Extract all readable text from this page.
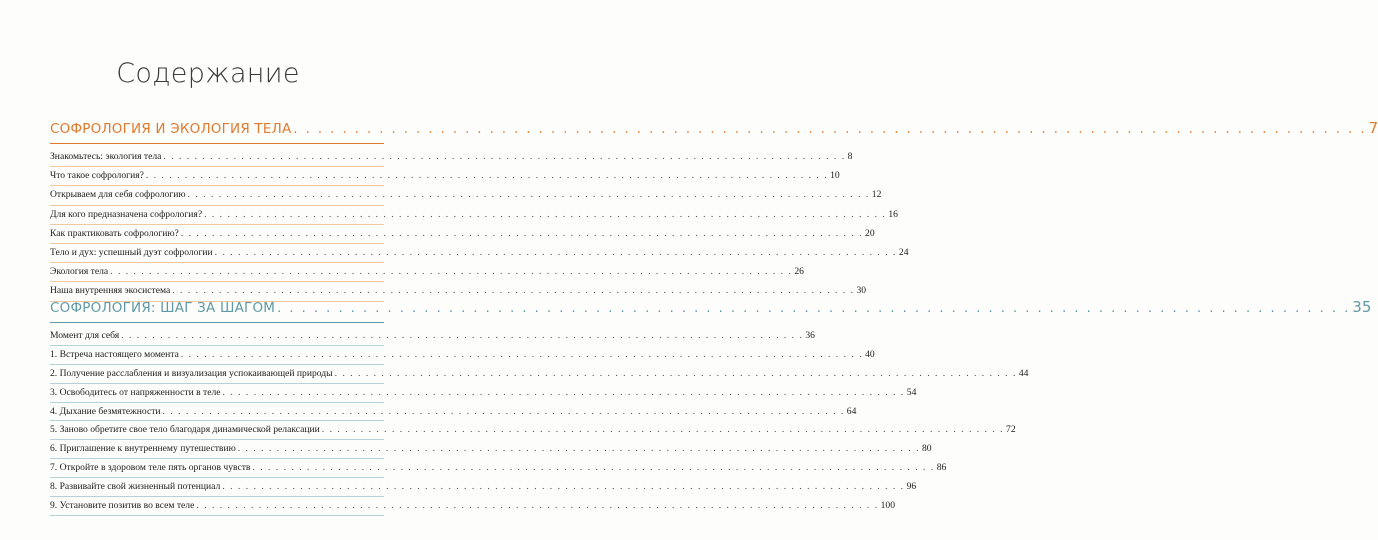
Содержание
СОФРОЛОГИЯ И ЭКОЛОГИЯ ТЕЛА . . . . . . . . . . . . . . . . . . . . . . . . . . . . . . . . . . . . . . . . . . . . . . . . . . . . . . . . . . . . . . . . . . . . . . . . . . . . . . . . . . . . . . . . 7
Знакомьтесь: экология тела . . . . . . . . . . . . . . . . . . . . . . . . . . . . . . . . . . . . . . . . . . . . . . . . . . . . . . . . . . . . . . . . . . . . . . . . . . . . . . . . . . . . . . . . 8
Что такое софрология? . . . . . . . . . . . . . . . . . . . . . . . . . . . . . . . . . . . . . . . . . . . . . . . . . . . . . . . . . . . . . . . . . . . . . . . . . . . . . . . . . . . . . . . . 10
Открываем для себя софрологию . . . . . . . . . . . . . . . . . . . . . . . . . . . . . . . . . . . . . . . . . . . . . . . . . . . . . . . . . . . . . . . . . . . . . . . . . . . . . . . . . . . . . . . . 12
Для кого предназначена софрология? . . . . . . . . . . . . . . . . . . . . . . . . . . . . . . . . . . . . . . . . . . . . . . . . . . . . . . . . . . . . . . . . . . . . . . . . . . . . . . . . . . . . . . . . 16
Как практиковать софрологию? . . . . . . . . . . . . . . . . . . . . . . . . . . . . . . . . . . . . . . . . . . . . . . . . . . . . . . . . . . . . . . . . . . . . . . . . . . . . . . . . . . . . . . . . 20
Тело и дух: успешный дуэт софрологии . . . . . . . . . . . . . . . . . . . . . . . . . . . . . . . . . . . . . . . . . . . . . . . . . . . . . . . . . . . . . . . . . . . . . . . . . . . . . . . . . . . . . . . . 24
Экология тела . . . . . . . . . . . . . . . . . . . . . . . . . . . . . . . . . . . . . . . . . . . . . . . . . . . . . . . . . . . . . . . . . . . . . . . . . . . . . . . . . . . . . . . . 26
Наша внутренняя экосистема . . . . . . . . . . . . . . . . . . . . . . . . . . . . . . . . . . . . . . . . . . . . . . . . . . . . . . . . . . . . . . . . . . . . . . . . . . . . . . . . . . . . . . . . 30
СОФРОЛОГИЯ: ШАГ ЗА ШАГОМ . . . . . . . . . . . . . . . . . . . . . . . . . . . . . . . . . . . . . . . . . . . . . . . . . . . . . . . . . . . . . . . . . . . . . . . . . . . . . . . . . . . . . . . . 35
Момент для себя . . . . . . . . . . . . . . . . . . . . . . . . . . . . . . . . . . . . . . . . . . . . . . . . . . . . . . . . . . . . . . . . . . . . . . . . . . . . . . . . . . . . . . . . 36
1. Встреча настоящего момента . . . . . . . . . . . . . . . . . . . . . . . . . . . . . . . . . . . . . . . . . . . . . . . . . . . . . . . . . . . . . . . . . . . . . . . . . . . . . . . . . . . . . . . . 40
2. Получение расслабления и визуализация успокаивающей природы . . . . . . . . . . . . . . . . . . . . . . . . . . . . . . . . . . . . . . . . . . . . . . . . . . . . . . . . . . . . . . . . . . . . . . . . . . . . . . . . . . . . . . . . 44
3. Освободитесь от напряженности в теле . . . . . . . . . . . . . . . . . . . . . . . . . . . . . . . . . . . . . . . . . . . . . . . . . . . . . . . . . . . . . . . . . . . . . . . . . . . . . . . . . . . . . . . . 54
4. Дыхание безмятежности . . . . . . . . . . . . . . . . . . . . . . . . . . . . . . . . . . . . . . . . . . . . . . . . . . . . . . . . . . . . . . . . . . . . . . . . . . . . . . . . . . . . . . . . 64
5. Заново обретите свое тело благодаря динамической релаксации . . . . . . . . . . . . . . . . . . . . . . . . . . . . . . . . . . . . . . . . . . . . . . . . . . . . . . . . . . . . . . . . . . . . . . . . . . . . . . . . . . . . . . . . 72
6. Приглашение к внутреннему путешествию . . . . . . . . . . . . . . . . . . . . . . . . . . . . . . . . . . . . . . . . . . . . . . . . . . . . . . . . . . . . . . . . . . . . . . . . . . . . . . . . . . . . . . . . 80
7. Откройте в здоровом теле пять органов чувств . . . . . . . . . . . . . . . . . . . . . . . . . . . . . . . . . . . . . . . . . . . . . . . . . . . . . . . . . . . . . . . . . . . . . . . . . . . . . . . . . . . . . . . . 86
8. Развивайте свой жизненный потенциал . . . . . . . . . . . . . . . . . . . . . . . . . . . . . . . . . . . . . . . . . . . . . . . . . . . . . . . . . . . . . . . . . . . . . . . . . . . . . . . . . . . . . . . . 96
9. Установите позитив во всем теле . . . . . . . . . . . . . . . . . . . . . . . . . . . . . . . . . . . . . . . . . . . . . . . . . . . . . . . . . . . . . . . . . . . . . . . . . . . . . . . . . . . . . . . . 100
